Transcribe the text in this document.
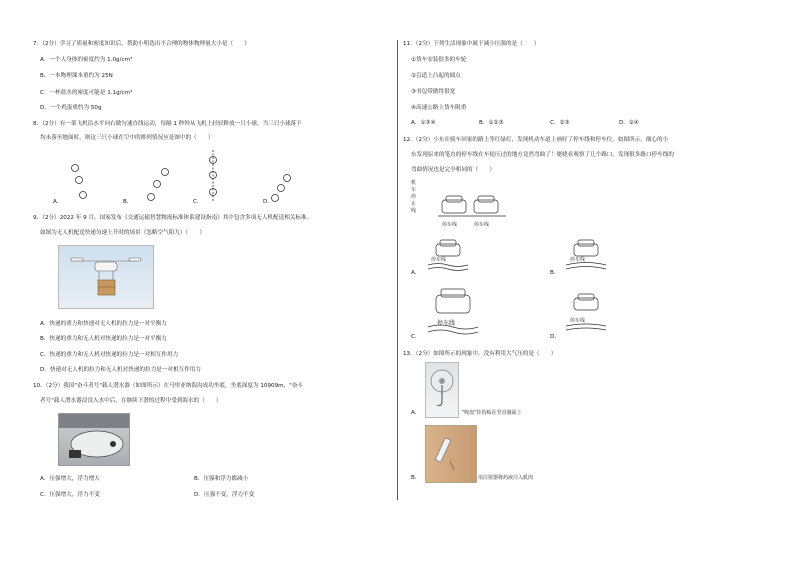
7．（2分）学习了质量和密度知识后，帮助小明选出不合理的物体物理量大小是（　　）
A．一个人身体的密度约为 1.0g/cm³
B．一本物理课本重约为 25N
C．一杯盐水的密度可能是 1.1g/cm³
D．一个鸡蛋重约为 50g
8．（2分）有一架飞机沿水平向右做匀速直线运动，每隔 1 秒钟从飞机上轻轻释放一只小球，当三只小球落下
均未落至地面时，则这三只小球在空中的排列情况应是图中的（　　）
A．	B．	C．	D．
9．（2分）2022 年 9 月，国家发布《交通运输智慧物流标准体系建设指南》其中包含多项无人机配送相关标准。
如图为无人机配送快递匀速上升时的场景（忽略空气阻力）（　　）
A．快递的重力和快递对无人机的拉力是一对平衡力
B．快递的重力和无人机对快递的拉力是一对平衡力
C．快递的重力和无人机对快递的拉力是一对相互作用力
D．快递对无人机的拉力和无人机对快递的拉力是一对相互作用力
10．（2分）我国"奋斗者号"载人潜水器（如图所示）在马里亚纳海沟成功坐底，坐底深度为 10909m，"奋斗
者号"载人潜水器浸没入水中后，在继续下潜的过程中受到海水的（　　）
A．压强增大，浮力增大	B．压强和浮力都减小
C．压强增大，浮力不变	D．压强不变，浮力不变
11．（2分）下列生活现象中属于减小压强的是（　　）
①货车安装很多的车轮
②盲道上凸起的圆点
③书包带做得很宽
④高速公路上货车限重
A．①③④	B．①②③	C．②③	D．②④
12．（2分）小东在骑车回家的路上等红绿灯，发现机动车道上画好了停车线和停车位，如图所示，细心的小
东发现原来的笔直的停车线在车轮压过的地方竟然弯曲了！姥姥看观察了几个路口，发现很多路口停车线的
弯曲情况也是完全相同的（　　）
机
车
停
止
线
停车线	停车线
停车线
A．
停车线
B．
停车线
C．
停车线
D．
13．（2分）如图所示的现象中，没有利用大气压的是（　　）
A．	"吸盘"挂钩贴在竖直墙面上
B．	用注射器将药液注入肌肉
